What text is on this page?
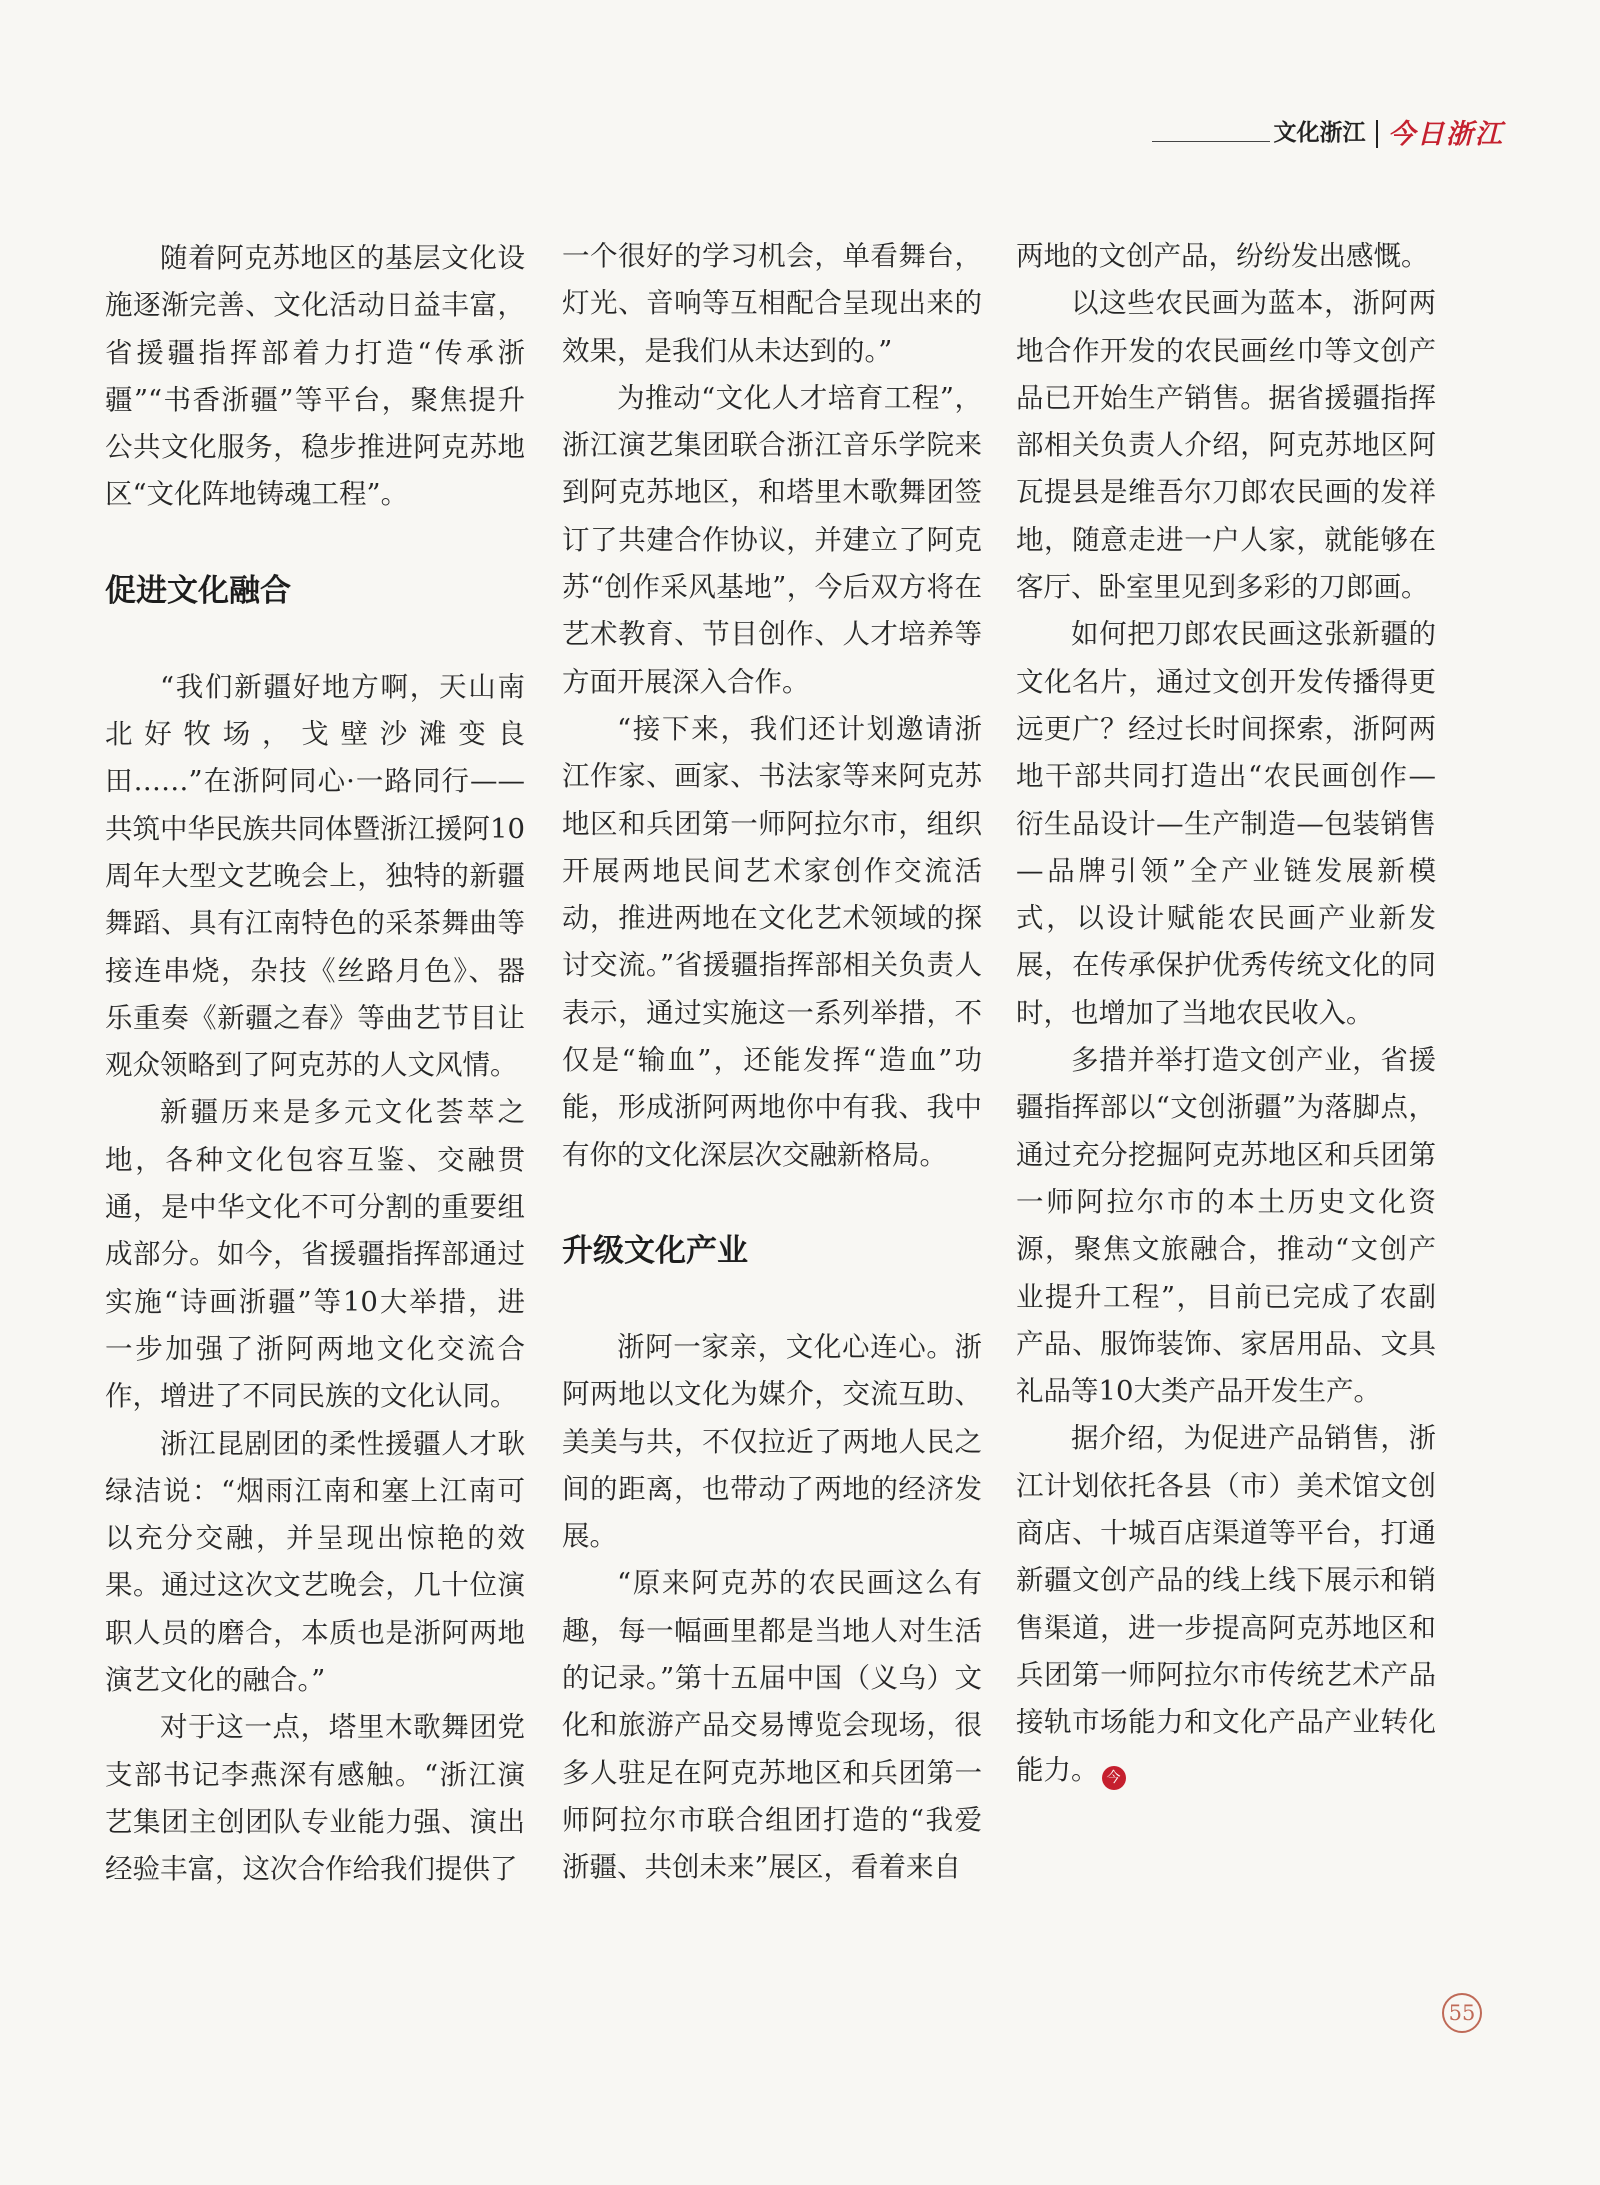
文化浙江 今日浙江

随着阿克苏地区的基层文化设施逐渐完善、文化活动日益丰富，省援疆指挥部着力打造“传承浙疆”“书香浙疆”等平台，聚焦提升公共文化服务，稳步推进阿克苏地区“文化阵地铸魂工程”。

促进文化融合

“我们新疆好地方啊，天山南北好牧场，戈壁沙滩变良田……”在浙阿同心·一路同行——共筑中华民族共同体暨浙江援阿10周年大型文艺晚会上，独特的新疆舞蹈、具有江南特色的采茶舞曲等接连串烧，杂技《丝路月色》、器乐重奏《新疆之春》等曲艺节目让观众领略到了阿克苏的人文风情。

新疆历来是多元文化荟萃之地，各种文化包容互鉴、交融贯通，是中华文化不可分割的重要组成部分。如今，省援疆指挥部通过实施“诗画浙疆”等10大举措，进一步加强了浙阿两地文化交流合作，增进了不同民族的文化认同。

浙江昆剧团的柔性援疆人才耿绿洁说：“烟雨江南和塞上江南可以充分交融，并呈现出惊艳的效果。通过这次文艺晚会，几十位演职人员的磨合，本质也是浙阿两地演艺文化的融合。”

对于这一点，塔里木歌舞团党支部书记李燕深有感触。“浙江演艺集团主创团队专业能力强、演出经验丰富，这次合作给我们提供了

一个很好的学习机会，单看舞台，灯光、音响等互相配合呈现出来的效果，是我们从未达到的。”

为推动“文化人才培育工程”，浙江演艺集团联合浙江音乐学院来到阿克苏地区，和塔里木歌舞团签订了共建合作协议，并建立了阿克苏“创作采风基地”，今后双方将在艺术教育、节目创作、人才培养等方面开展深入合作。

“接下来，我们还计划邀请浙江作家、画家、书法家等来阿克苏地区和兵团第一师阿拉尔市，组织开展两地民间艺术家创作交流活动，推进两地在文化艺术领域的探讨交流。”省援疆指挥部相关负责人表示，通过实施这一系列举措，不仅是“输血”，还能发挥“造血”功能，形成浙阿两地你中有我、我中有你的文化深层次交融新格局。

升级文化产业

浙阿一家亲，文化心连心。浙阿两地以文化为媒介，交流互助、美美与共，不仅拉近了两地人民之间的距离，也带动了两地的经济发展。

“原来阿克苏的农民画这么有趣，每一幅画里都是当地人对生活的记录。”第十五届中国（义乌）文化和旅游产品交易博览会现场，很多人驻足在阿克苏地区和兵团第一师阿拉尔市联合组团打造的“我爱浙疆、共创未来”展区，看着来自

两地的文创产品，纷纷发出感慨。

以这些农民画为蓝本，浙阿两地合作开发的农民画丝巾等文创产品已开始生产销售。据省援疆指挥部相关负责人介绍，阿克苏地区阿瓦提县是维吾尔刀郎农民画的发祥地，随意走进一户人家，就能够在客厅、卧室里见到多彩的刀郎画。

如何把刀郎农民画这张新疆的文化名片，通过文创开发传播得更远更广？经过长时间探索，浙阿两地干部共同打造出“农民画创作—衍生品设计—生产制造—包装销售—品牌引领”全产业链发展新模式，以设计赋能农民画产业新发展，在传承保护优秀传统文化的同时，也增加了当地农民收入。

多措并举打造文创产业，省援疆指挥部以“文创浙疆”为落脚点，通过充分挖掘阿克苏地区和兵团第一师阿拉尔市的本土历史文化资源，聚焦文旅融合，推动“文创产业提升工程”，目前已完成了农副产品、服饰装饰、家居用品、文具礼品等10大类产品开发生产。

据介绍，为促进产品销售，浙江计划依托各县（市）美术馆文创商店、十城百店渠道等平台，打通新疆文创产品的线上线下展示和销售渠道，进一步提高阿克苏地区和兵团第一师阿拉尔市传统艺术产品接轨市场能力和文化产品产业转化能力。 今

55
